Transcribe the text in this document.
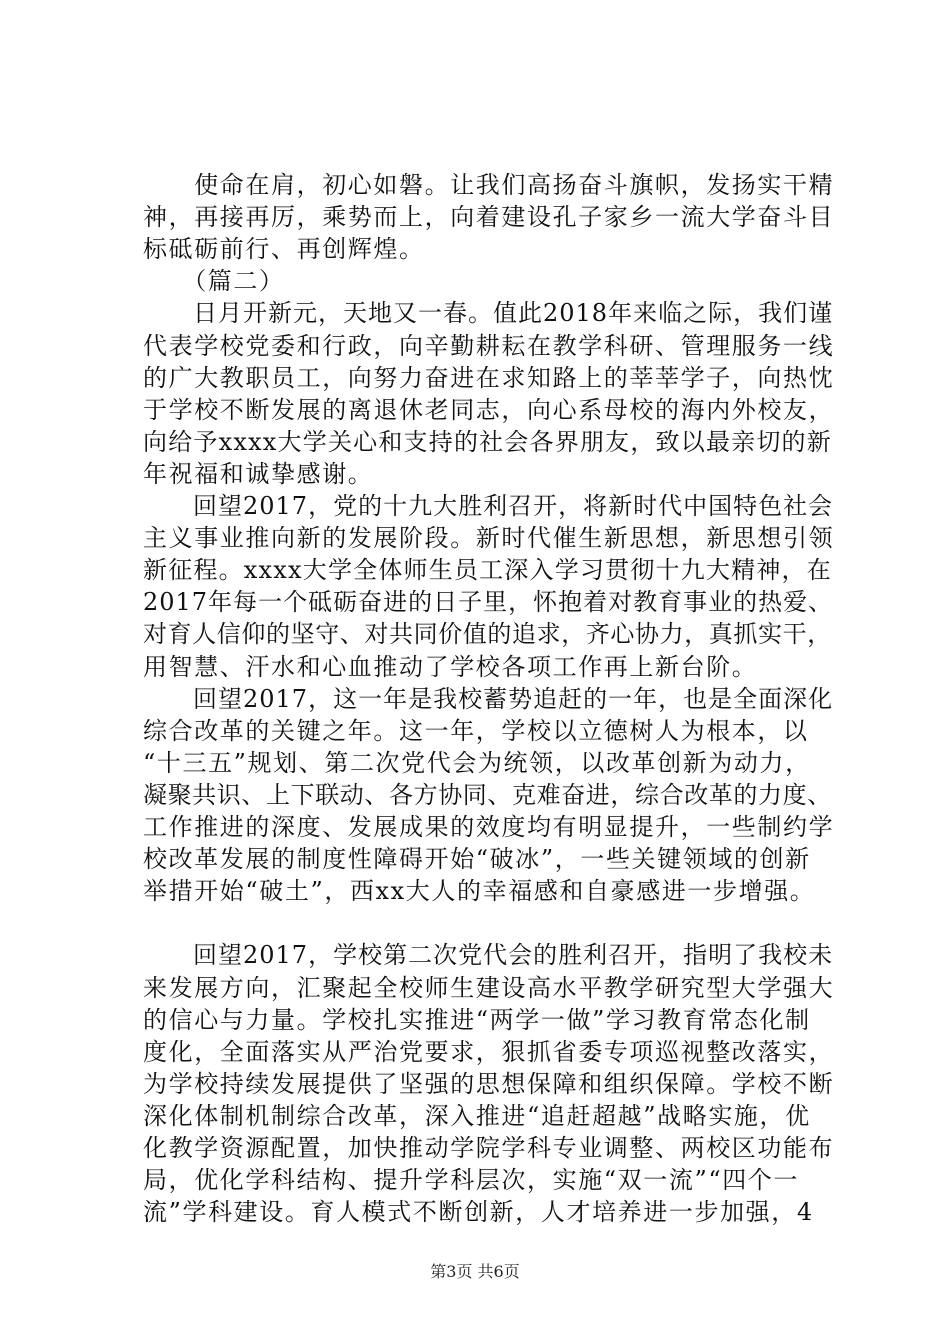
　　使命在肩，初心如磐。让我们高扬奋斗旗帜，发扬实干精
神，再接再厉，乘势而上，向着建设孔子家乡一流大学奋斗目
标砥砺前行、再创辉煌。
　　（篇二）
　　日月开新元，天地又一春。值此2018年来临之际，我们谨
代表学校党委和行政，向辛勤耕耘在教学科研、管理服务一线
的广大教职员工，向努力奋进在求知路上的莘莘学子，向热忱
于学校不断发展的离退休老同志，向心系母校的海内外校友，
向给予xxxx大学关心和支持的社会各界朋友，致以最亲切的新
年祝福和诚挚感谢。
　　回望2017，党的十九大胜利召开，将新时代中国特色社会
主义事业推向新的发展阶段。新时代催生新思想，新思想引领
新征程。xxxx大学全体师生员工深入学习贯彻十九大精神，在
2017年每一个砥砺奋进的日子里，怀抱着对教育事业的热爱、
对育人信仰的坚守、对共同价值的追求，齐心协力，真抓实干，
用智慧、汗水和心血推动了学校各项工作再上新台阶。
　　回望2017，这一年是我校蓄势追赶的一年，也是全面深化
综合改革的关键之年。这一年，学校以立德树人为根本，以
“十三五”规划、第二次党代会为统领，以改革创新为动力，
凝聚共识、上下联动、各方协同、克难奋进，综合改革的力度、
工作推进的深度、发展成果的效度均有明显提升，一些制约学
校改革发展的制度性障碍开始“破冰”，一些关键领域的创新
举措开始“破土”，西xx大人的幸福感和自豪感进一步增强。
　　回望2017，学校第二次党代会的胜利召开，指明了我校未
来发展方向，汇聚起全校师生建设高水平教学研究型大学强大
的信心与力量。学校扎实推进“两学一做”学习教育常态化制
度化，全面落实从严治党要求，狠抓省委专项巡视整改落实，
为学校持续发展提供了坚强的思想保障和组织保障。学校不断
深化体制机制综合改革，深入推进“追赶超越”战略实施，优
化教学资源配置，加快推动学院学科专业调整、两校区功能布
局，优化学科结构、提升学科层次，实施“双一流”“四个一
流”学科建设。育人模式不断创新，人才培养进一步加强，4
第3页 共6页
